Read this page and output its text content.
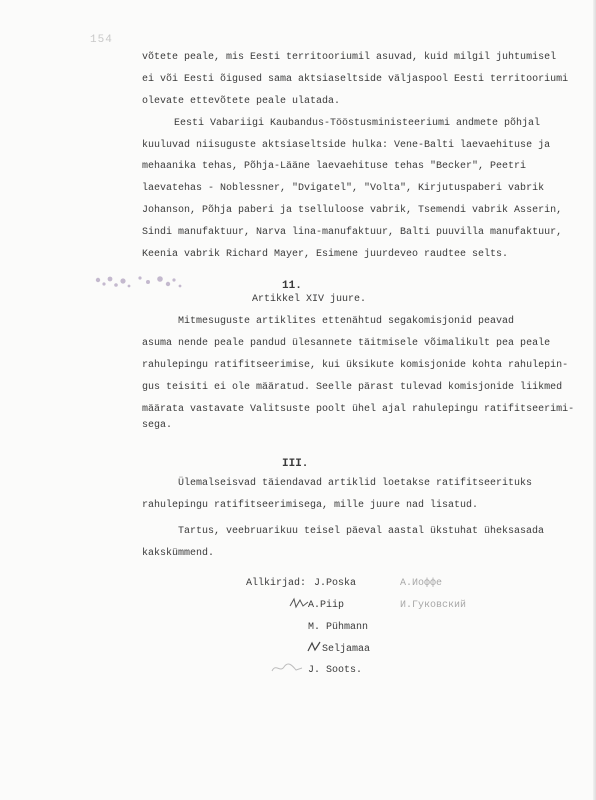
154
võtete peale, mis Eesti territooriumil asuvad, kuid milgil juhtumisel
ei või Eesti õigused sama aktsiaseltside väljaspool Eesti territooriumi
olevate ettevõtete peale ulatada.
Eesti Vabariigi Kaubandus-Tööstusministeeriumi andmete põhjal
kuuluvad niisuguste aktsiaseltside hulka: Vene-Balti laevaehituse ja
mehaanika tehas, Põhja-Lääne laevaehituse tehas "Becker", Peetri
laevatehas - Noblessner, "Dvigatel", "Volta", Kirjutuspaberi vabrik
Johanson, Põhja paberi ja tselluloose vabrik, Tsemendi vabrik Asserin,
Sindi manufaktuur, Narva lina-manufaktuur, Balti puuvilla manufaktuur,
Keenia vabrik Richard Mayer, Esimene juurdeveo raudtee selts.
11.
Artikkel XIV juure.
Mitmesuguste artiklites ettenähtud segakomisjonid peavad
asuma nende peale pandud ülesannete täitmisele võimalikult pea peale
rahulepingu ratifitseerimise, kui üksikute komisjonide kohta rahulepin-
gus teisiti ei ole määratud. Seelle pärast tulevad komisjonide liikmed
määrata vastavate Valitsuste poolt ühel ajal rahulepingu ratifitseerimi-
sega.
III.
Ülemalseisvad täiendavad artiklid loetakse ratifitseerituks
rahulepingu ratifitseerimisega, mille juure nad lisatud.
Tartus, veebruarikuu teisel päeval aastal ükstuhat üheksasada
kakskümmend.
Allkirjad: J.Poska
A.Piip
M. Pühmann
Seljamaa
J. Soots.
А.Иоффе
И.Гуковский
